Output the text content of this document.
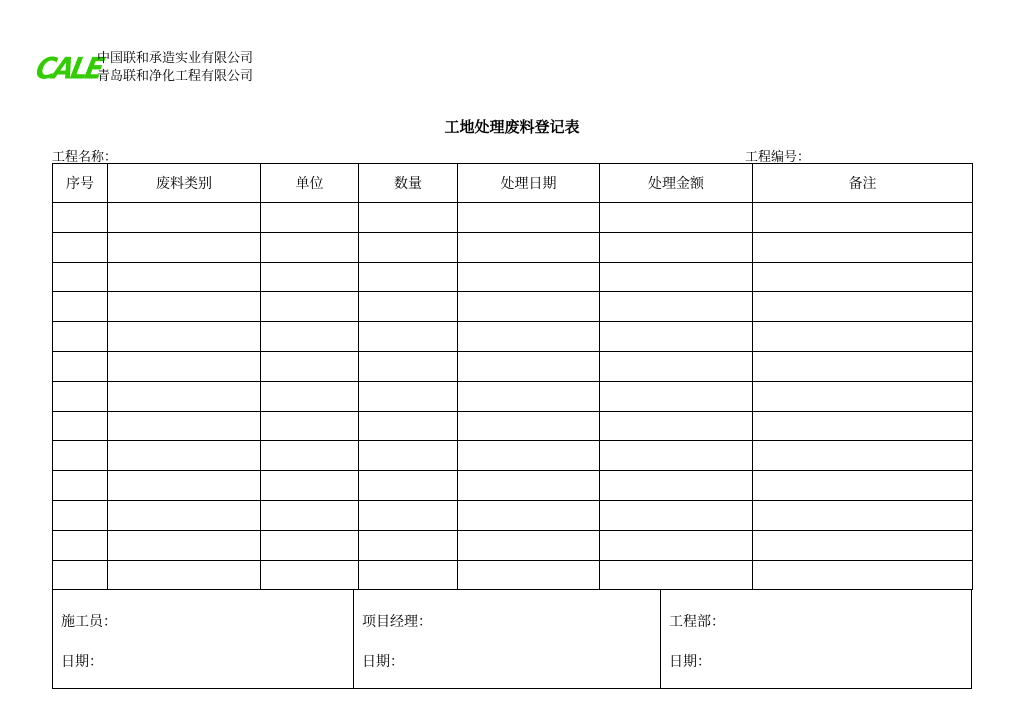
CALE
中国联和承造实业有限公司
青岛联和净化工程有限公司
工地处理废料登记表
工程名称：	工程编号：
序号	废料类别	单位	数量	处理日期	处理金额	备注

施工员：
日期：
项目经理：
日期：
工程部：
日期：
